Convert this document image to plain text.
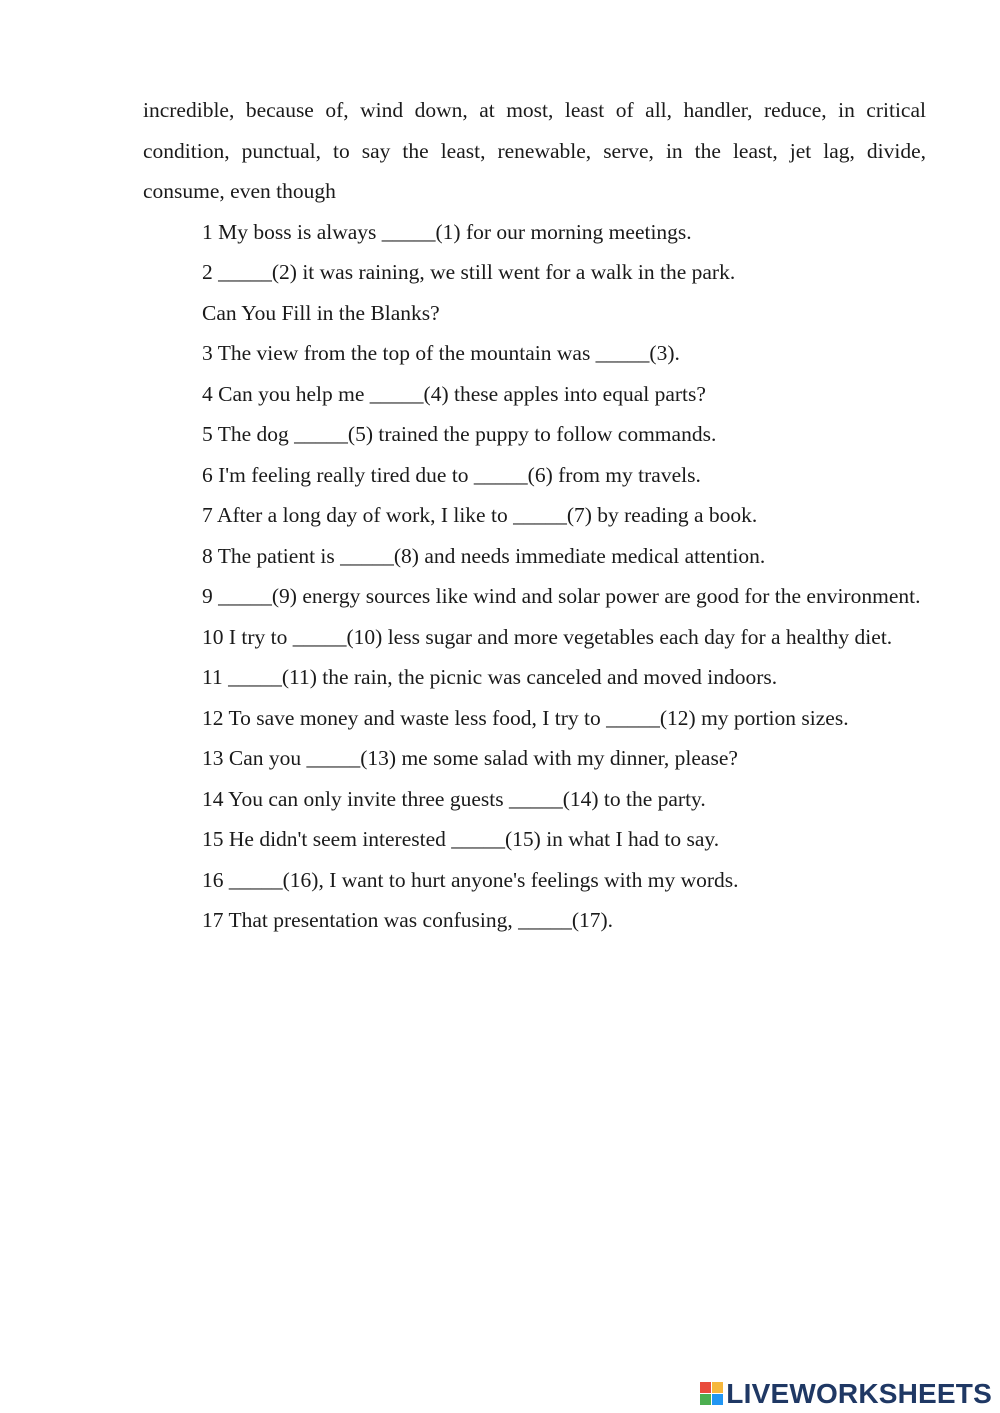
incredible, because of, wind down, at most, least of all, handler, reduce, in critical condition, punctual, to say the least, renewable, serve, in the least, jet lag, divide, consume, even though

1 My boss is always _____(1) for our morning meetings.

2 _____(2) it was raining, we still went for a walk in the park.

Can You Fill in the Blanks?

3 The view from the top of the mountain was _____(3).

4 Can you help me _____(4) these apples into equal parts?

5 The dog _____(5) trained the puppy to follow commands.

6 I'm feeling really tired due to _____(6) from my travels.

7 After a long day of work, I like to _____(7) by reading a book.

8 The patient is _____(8) and needs immediate medical attention.

9 _____(9) energy sources like wind and solar power are good for the environment.

10 I try to _____(10) less sugar and more vegetables each day for a healthy diet.

11 _____(11) the rain, the picnic was canceled and moved indoors.

12 To save money and waste less food, I try to _____(12) my portion sizes.

13 Can you _____(13) me some salad with my dinner, please?

14 You can only invite three guests _____(14) to the party.

15 He didn't seem interested _____(15) in what I had to say.

16 _____(16), I want to hurt anyone's feelings with my words.

17 That presentation was confusing, _____(17).

LIVEWORKSHEETS
